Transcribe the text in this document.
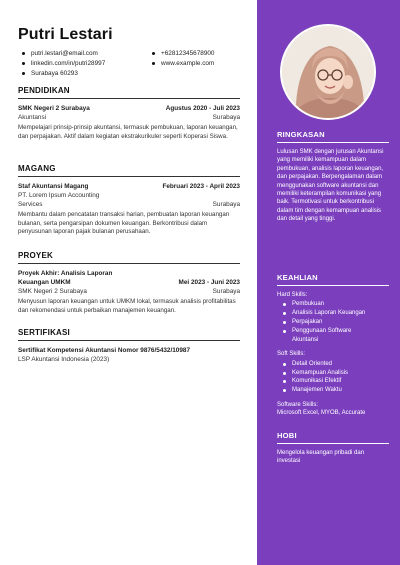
Putri Lestari
putri.lestari@email.com	+62812345678900
linkedin.com/in/putri28997	www.example.com
Surabaya 60293
PENDIDIKAN
SMK Negeri 2 Surabaya	Agustus 2020 - Juli 2023
Akuntansi	Surabaya
Mempelajari prinsip-prinsip akuntansi, termasuk pembukuan, laporan keuangan, dan perpajakan. Aktif dalam kegiatan ekstrakurikuler seperti Koperasi Siswa.
MAGANG
Staf Akuntansi Magang	Februari 2023 - April 2023
PT. Lorem Ipsum Accounting
Services	Surabaya
Membantu dalam pencatatan transaksi harian, pembuatan laporan keuangan bulanan, serta pengarsipan dokumen keuangan. Berkontribusi dalam penyusunan laporan pajak bulanan perusahaan.
PROYEK
Proyek Akhir: Analisis Laporan
Keuangan UMKM	Mei 2023 - Juni 2023
SMK Negeri 2 Surabaya	Surabaya
Menyusun laporan keuangan untuk UMKM lokal, termasuk analisis profitabilitas dan rekomendasi untuk perbaikan manajemen keuangan.
SERTIFIKASI
Sertifikat Kompetensi Akuntansi Nomor 9876/5432/10987
LSP Akuntansi Indonesia (2023)
RINGKASAN
Lulusan SMK dengan jurusan Akuntansi yang memiliki kemampuan dalam pembukuan, analisis laporan keuangan, dan perpajakan. Berpengalaman dalam menggunakan software akuntansi dan memiliki keterampilan komunikasi yang baik. Termotivasi untuk berkontribusi dalam tim dengan kemampuan analisis dan detail yang tinggi.
KEAHLIAN
Hard Skills:
Pembukuan
Analisis Laporan Keuangan
Perpajakan
Penggunaan Software Akuntansi
Soft Skills:
Detail Oriented
Kemampuan Analisis
Komunikasi Efektif
Manajemen Waktu
Software Skills:
Microsoft Excel, MYOB, Accurate
HOBI
Mengelola keuangan pribadi dan investasi
